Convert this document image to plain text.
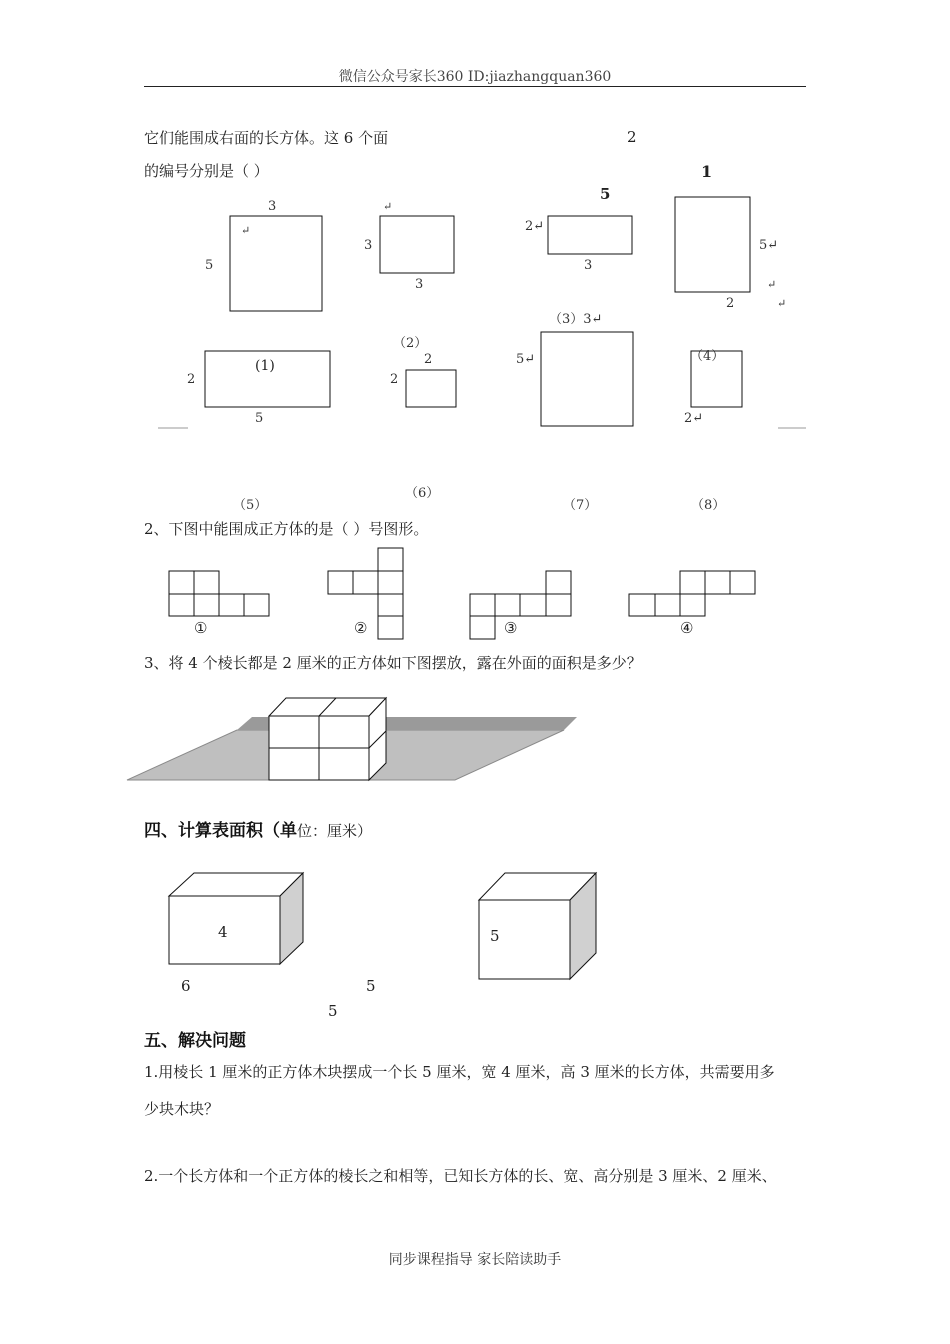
微信公众号家长360 ID:jiazhangquan360
它们能围成右面的长方体。这 6 个面
的编号分别是（ ）
2
1
5
3
5
↵
↵
3
3
2↵
3
5↵
2
↵
↵
2
5
(1)	2
2
（2）
（3）3↵
5↵
2↵
（4）
（5）
（6）
（7）	（8）
2、下图中能围成正方体的是（ ）号图形。
①	②	③	④
3、将 4 个棱长都是 2 厘米的正方体如下图摆放，露在外面的面积是多少？
四、计算表面积（单位：厘米）
4
6
5
5
5
五、解决问题
1.用棱长 1 厘米的正方体木块摆成一个长 5 厘米，宽 4 厘米，高 3 厘米的长方体，共需要用多
少块木块？
2.一个长方体和一个正方体的棱长之和相等，已知长方体的长、宽、高分别是 3 厘米、2 厘米、
同步课程指导 家长陪读助手
